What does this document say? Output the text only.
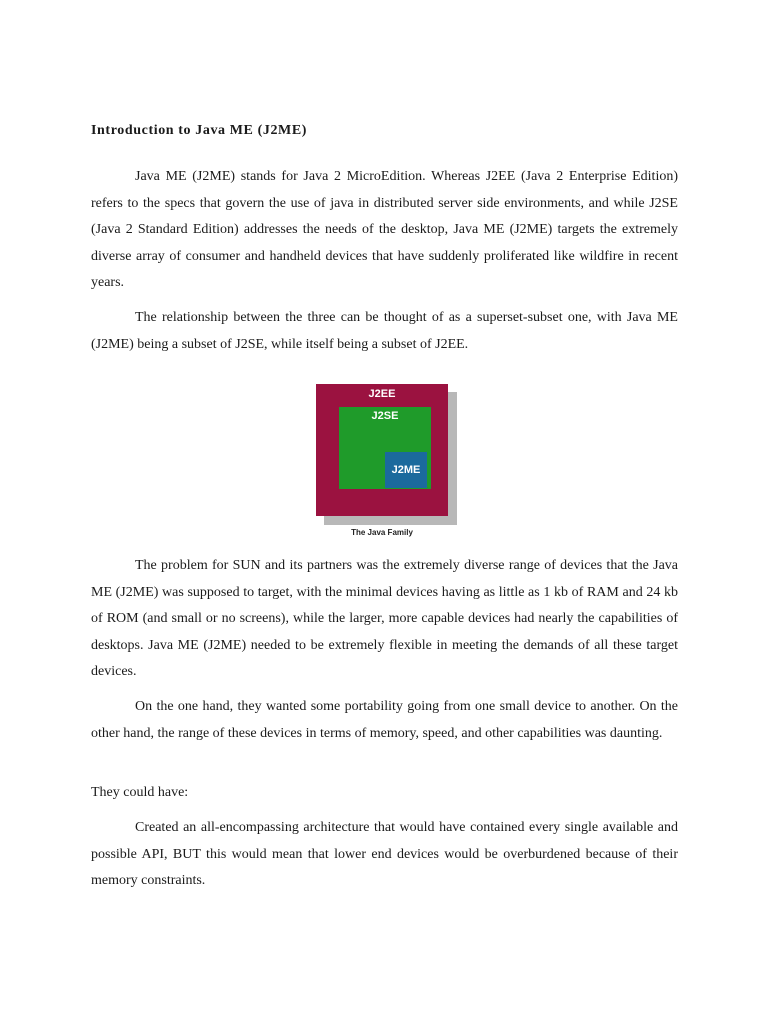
Introduction to Java ME (J2ME)

Java ME (J2ME) stands for Java 2 MicroEdition. Whereas J2EE (Java 2 Enterprise Edition) refers to the specs that govern the use of java in distributed server side environments, and while J2SE (Java 2 Standard Edition) addresses the needs of the desktop, Java ME (J2ME) targets the extremely diverse array of consumer and handheld devices that have suddenly proliferated like wildfire in recent years.

The relationship between the three can be thought of as a superset-subset one, with Java ME (J2ME) being a subset of J2SE, while itself being a subset of J2EE.

J2EE
J2SE
J2ME
The Java Family

The problem for SUN and its partners was the extremely diverse range of devices that the Java ME (J2ME) was supposed to target, with the minimal devices having as little as 1 kb of RAM and 24 kb of ROM (and small or no screens), while the larger, more capable devices had nearly the capabilities of desktops. Java ME (J2ME) needed to be extremely flexible in meeting the demands of all these target devices.

On the one hand, they wanted some portability going from one small device to another. On the other hand, the range of these devices in terms of memory, speed, and other capabilities was daunting.

They could have:

Created an all-encompassing architecture that would have contained every single available and possible API, BUT this would mean that lower end devices would be overburdened because of their memory constraints.
